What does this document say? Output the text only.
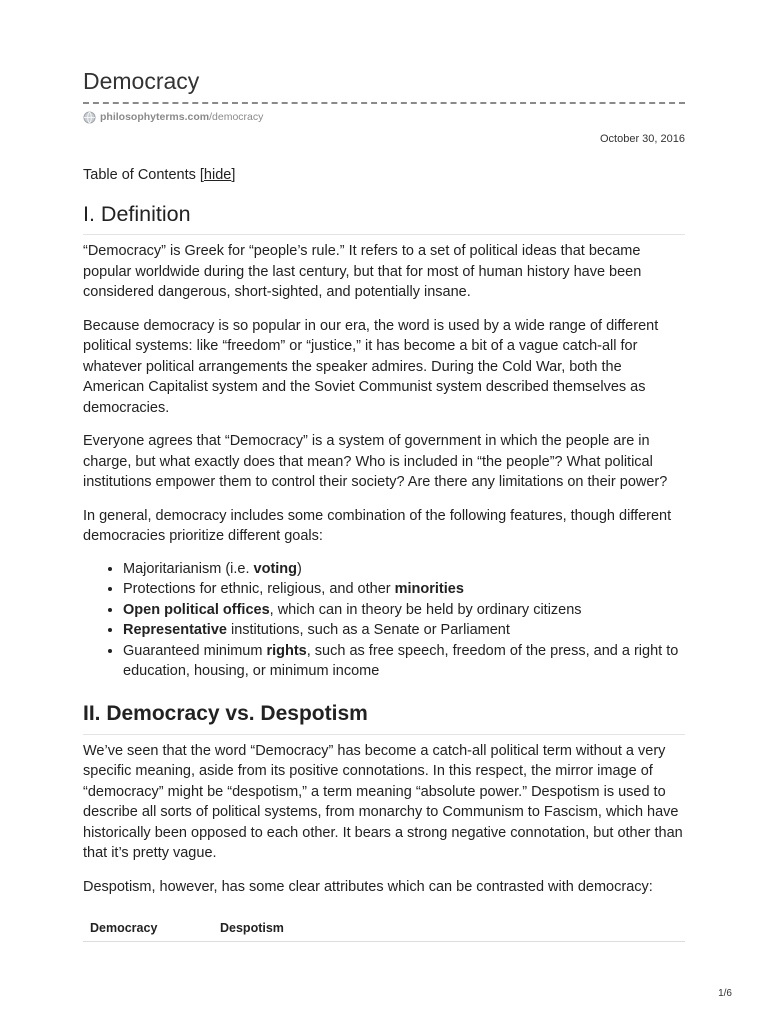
Democracy
philosophyterms.com /democracy
October 30, 2016
Table of Contents [hide]
I. Definition

“Democracy” is Greek for “people’s rule.” It refers to a set of political ideas that became popular worldwide during the last century, but that for most of human history have been considered dangerous, short-sighted, and potentially insane.

Because democracy is so popular in our era, the word is used by a wide range of different political systems: like “freedom” or “justice,” it has become a bit of a vague catch-all for whatever political arrangements the speaker admires. During the Cold War, both the American Capitalist system and the Soviet Communist system described themselves as democracies.

Everyone agrees that “Democracy” is a system of government in which the people are in charge, but what exactly does that mean? Who is included in “the people”? What political institutions empower them to control their society? Are there any limitations on their power?

In general, democracy includes some combination of the following features, though different democracies prioritize different goals:

• Majoritarianism (i.e. voting)
• Protections for ethnic, religious, and other minorities
• Open political offices, which can in theory be held by ordinary citizens
• Representative institutions, such as a Senate or Parliament
• Guaranteed minimum rights, such as free speech, freedom of the press, and a right to education, housing, or minimum income
II. Democracy vs. Despotism

We’ve seen that the word “Democracy” has become a catch-all political term without a very specific meaning, aside from its positive connotations. In this respect, the mirror image of “democracy” might be “despotism,” a term meaning “absolute power.” Despotism is used to describe all sorts of political systems, from monarchy to Communism to Fascism, which have historically been opposed to each other. It bears a strong negative connotation, but other than that it’s pretty vague.

Despotism, however, has some clear attributes which can be contrasted with democracy:

Democracy	Despotism
1/6
